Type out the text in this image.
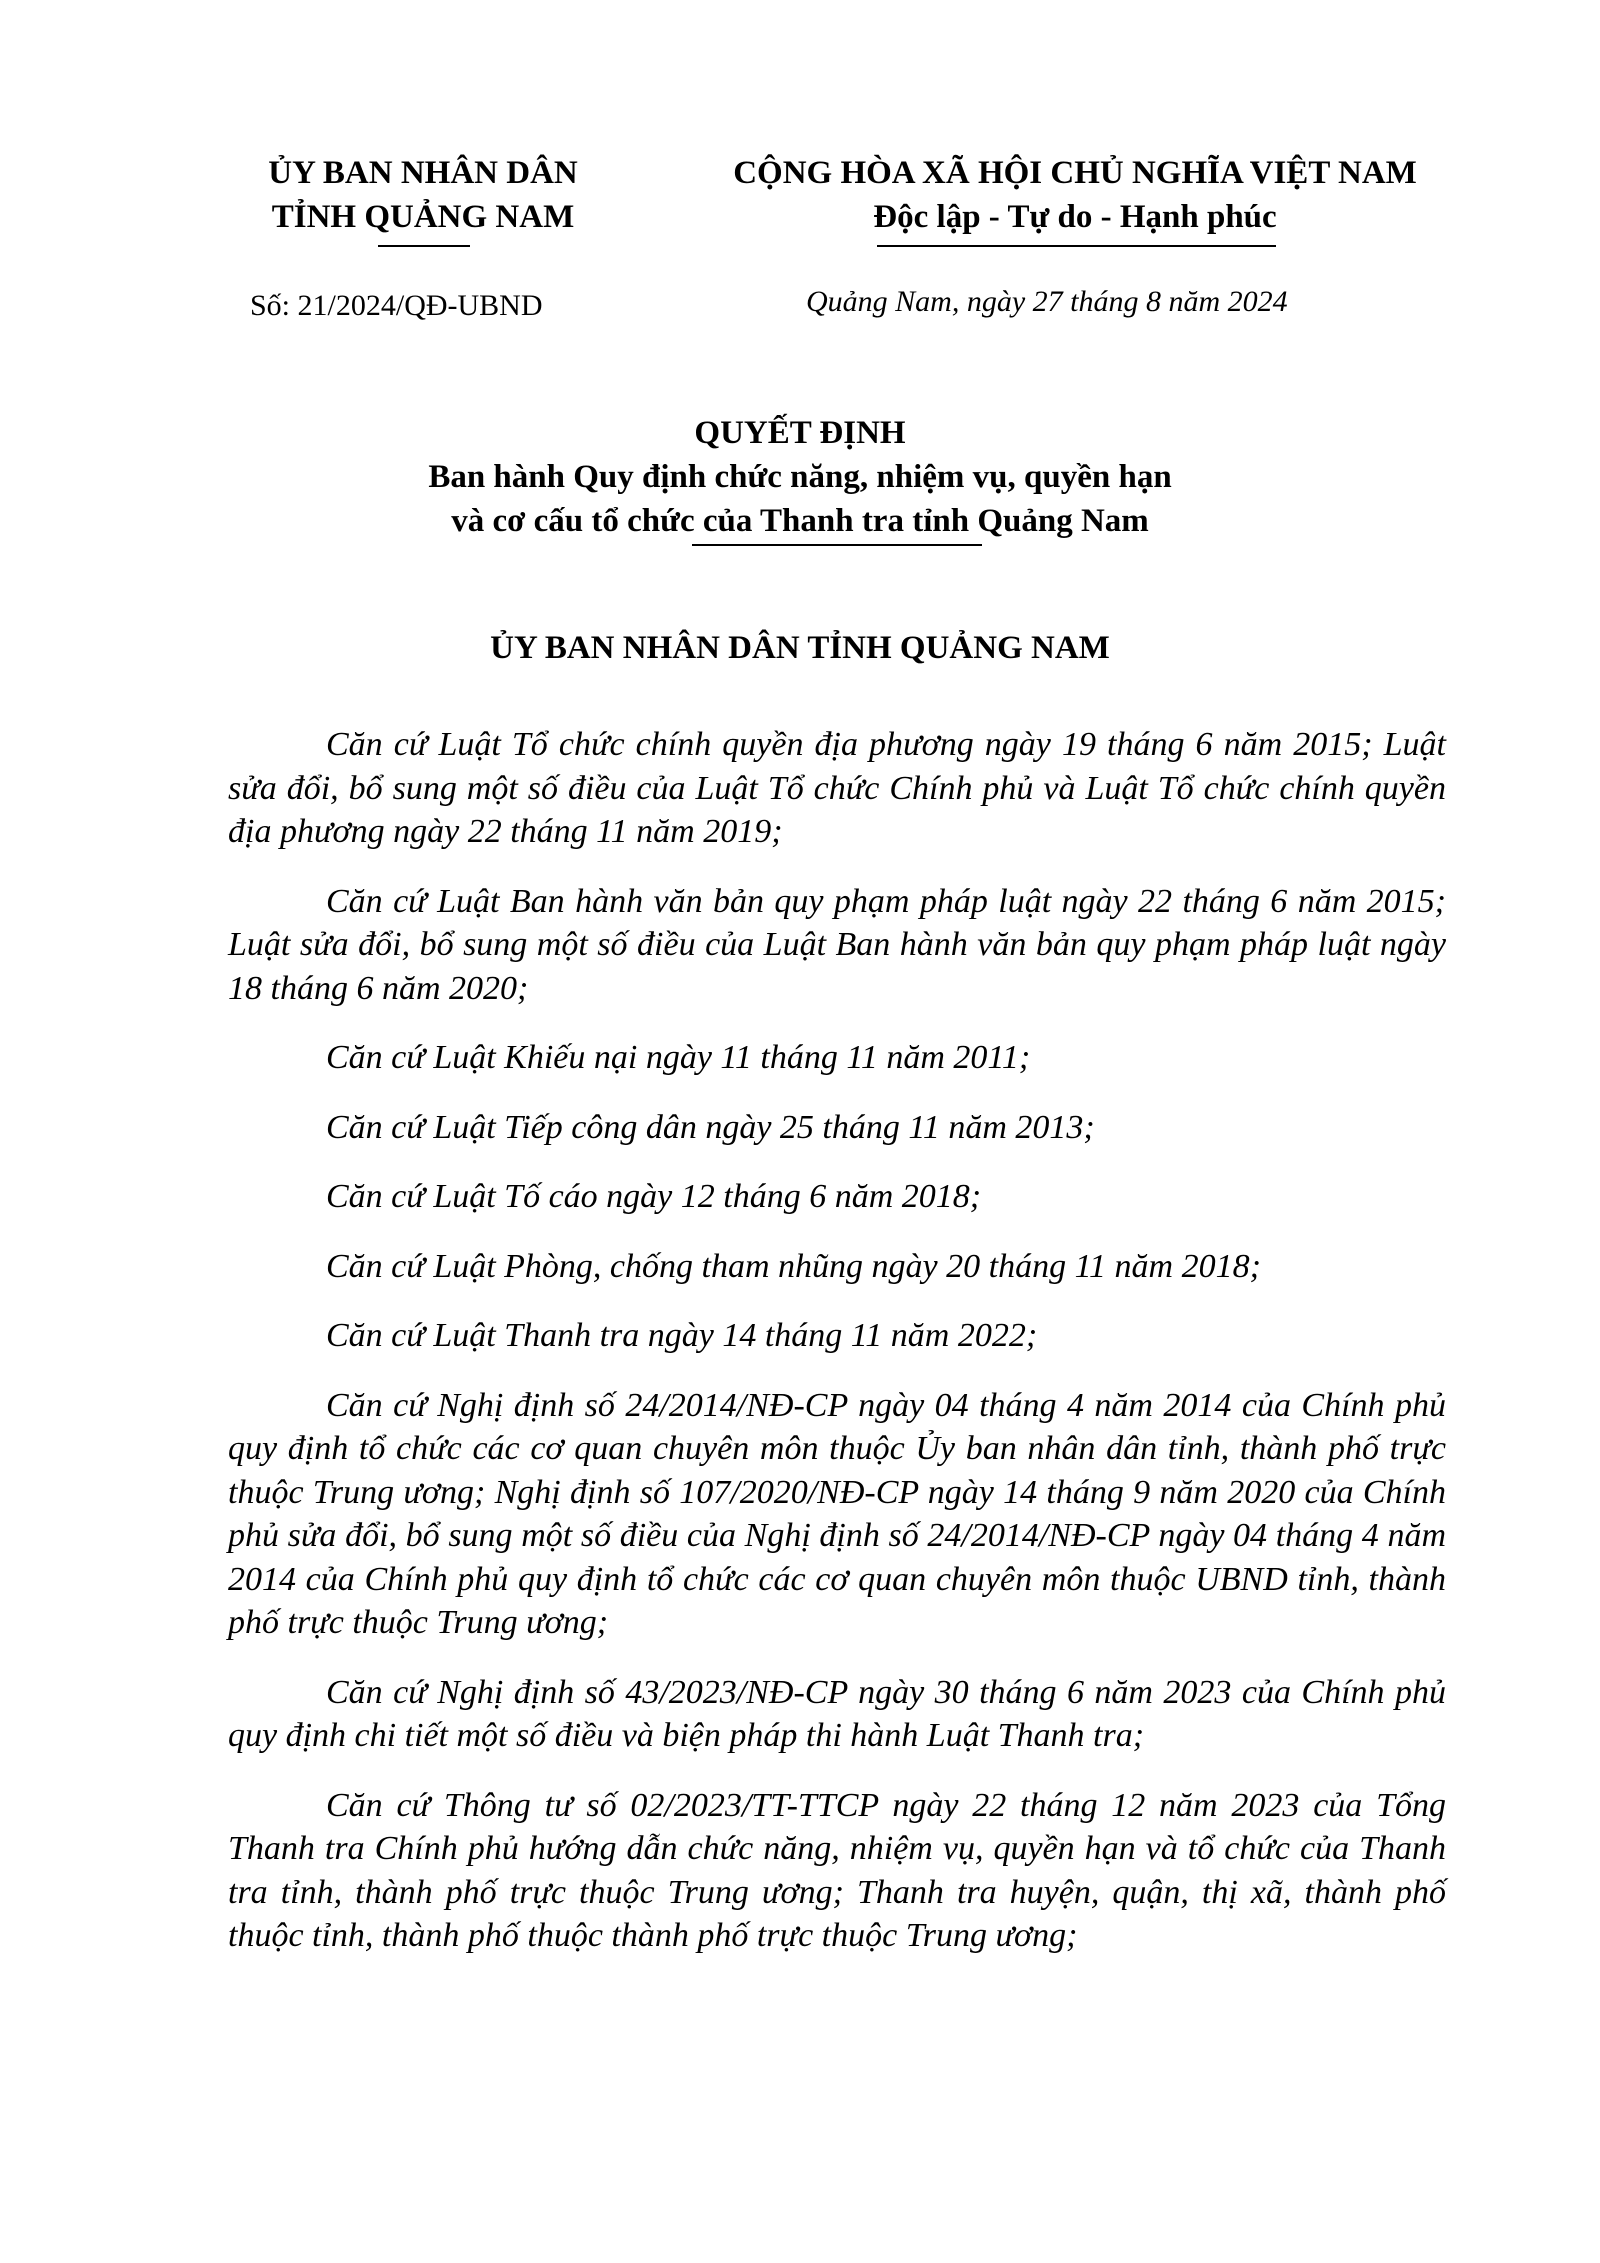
ỦY BAN NHÂN DÂN
TỈNH QUẢNG NAM
CỘNG HÒA XÃ HỘI CHỦ NGHĨA VIỆT NAM
Độc lập - Tự do - Hạnh phúc
Số: 21/2024/QĐ-UBND	Quảng Nam, ngày 27 tháng 8 năm 2024
QUYẾT ĐỊNH
Ban hành Quy định chức năng, nhiệm vụ, quyền hạn
và cơ cấu tổ chức của Thanh tra tỉnh Quảng Nam
ỦY BAN NHÂN DÂN TỈNH QUẢNG NAM

Căn cứ Luật Tổ chức chính quyền địa phương ngày 19 tháng 6 năm 2015; Luật sửa đổi, bổ sung một số điều của Luật Tổ chức Chính phủ và Luật Tổ chức chính quyền địa phương ngày 22 tháng 11 năm 2019;

Căn cứ Luật Ban hành văn bản quy phạm pháp luật ngày 22 tháng 6 năm 2015; Luật sửa đổi, bổ sung một số điều của Luật Ban hành văn bản quy phạm pháp luật ngày 18 tháng 6 năm 2020;

Căn cứ Luật Khiếu nại ngày 11 tháng 11 năm 2011;

Căn cứ Luật Tiếp công dân ngày 25 tháng 11 năm 2013;

Căn cứ Luật Tố cáo ngày 12 tháng 6 năm 2018;

Căn cứ Luật Phòng, chống tham nhũng ngày 20 tháng 11 năm 2018;

Căn cứ Luật Thanh tra ngày 14 tháng 11 năm 2022;

Căn cứ Nghị định số 24/2014/NĐ-CP ngày 04 tháng 4 năm 2014 của Chính phủ quy định tổ chức các cơ quan chuyên môn thuộc Ủy ban nhân dân tỉnh, thành phố trực thuộc Trung ương; Nghị định số 107/2020/NĐ-CP ngày 14 tháng 9 năm 2020 của Chính phủ sửa đổi, bổ sung một số điều của Nghị định số 24/2014/NĐ-CP ngày 04 tháng 4 năm 2014 của Chính phủ quy định tổ chức các cơ quan chuyên môn thuộc UBND tỉnh, thành phố trực thuộc Trung ương;

Căn cứ Nghị định số 43/2023/NĐ-CP ngày 30 tháng 6 năm 2023 của Chính phủ quy định chi tiết một số điều và biện pháp thi hành Luật Thanh tra;

Căn cứ Thông tư số 02/2023/TT-TTCP ngày 22 tháng 12 năm 2023 của Tổng Thanh tra Chính phủ hướng dẫn chức năng, nhiệm vụ, quyền hạn và tổ chức của Thanh tra tỉnh, thành phố trực thuộc Trung ương; Thanh tra huyện, quận, thị xã, thành phố thuộc tỉnh, thành phố thuộc thành phố trực thuộc Trung ương;
